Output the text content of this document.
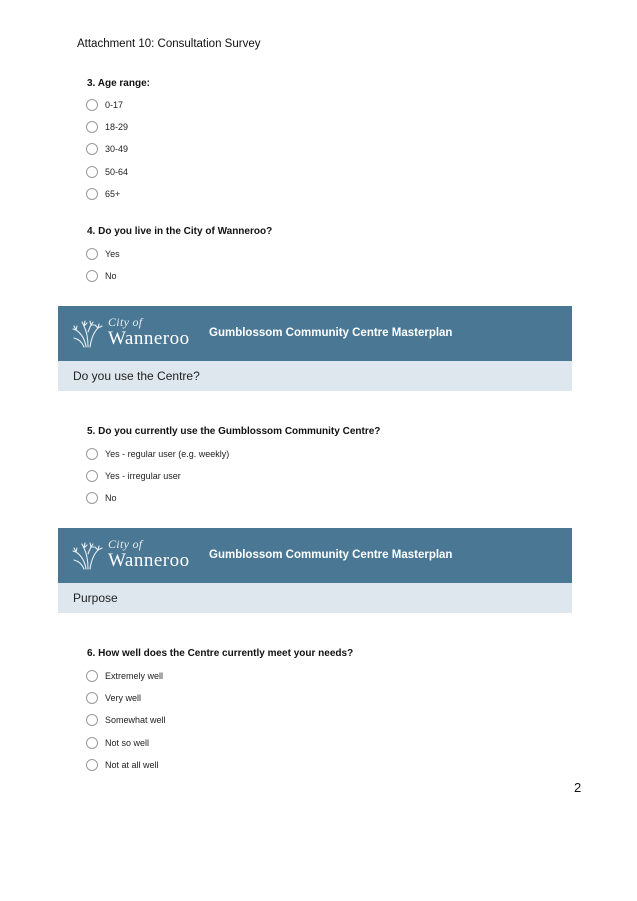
Attachment 10: Consultation Survey
3. Age range:
0-17
18-29
30-49
50-64
65+
4. Do you live in the City of Wanneroo?
Yes
No
City of
Wanneroo Gumblossom Community Centre Masterplan
Do you use the Centre?
5. Do you currently use the Gumblossom Community Centre?
Yes - regular user (e.g. weekly)
Yes - irregular user
No
City of
Wanneroo Gumblossom Community Centre Masterplan
Purpose
6. How well does the Centre currently meet your needs?
Extremely well
Very well
Somewhat well
Not so well
Not at all well
2
